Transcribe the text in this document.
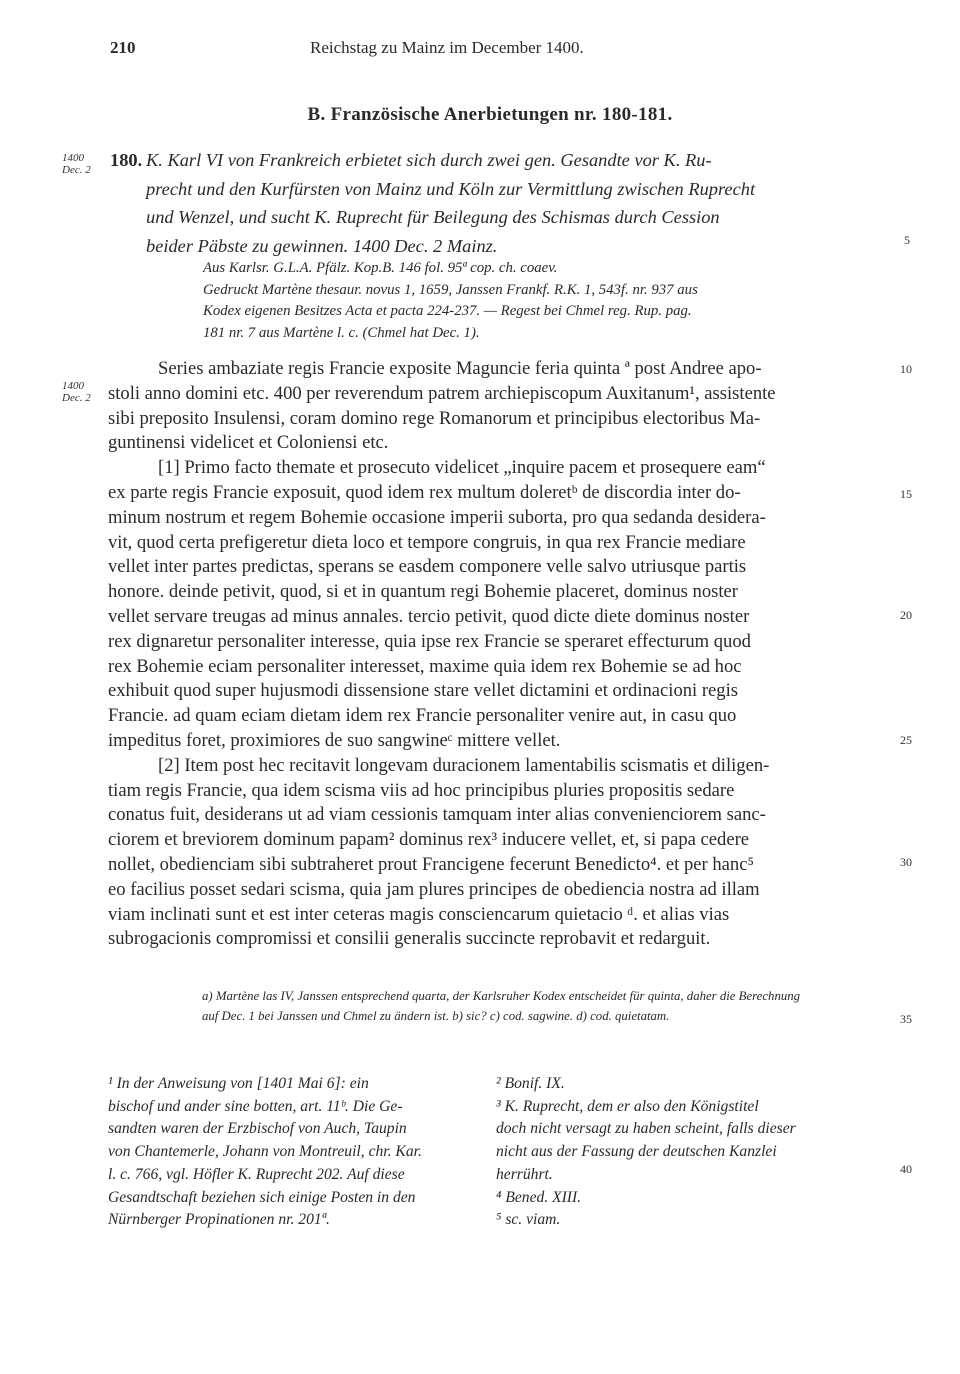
210	Reichstag zu Mainz im December 1400.
B. Französische Anerbietungen nr. 180-181.
1400
Dec. 2 180. K. Karl VI von Frankreich erbietet sich durch zwei gen. Gesandte vor K. Ru-
precht und den Kurfürsten von Mainz und Köln zur Vermittlung zwischen Ruprecht
und Wenzel, und sucht K. Ruprecht für Beilegung des Schismas durch Cession
beider Päbste zu gewinnen. 1400 Dec. 2 Mainz.
Aus Karlsr. G.L.A. Pfälz. Kop.B. 146 fol. 95ª cop. ch. coaev.
Gedruckt Martène thesaur. novus 1, 1659, Janssen Frankf. R.K. 1, 543f. nr. 937 aus
Kodex eigenen Besitzes Acta et pacta 224-237. — Regest bei Chmel reg. Rup. pag.
181 nr. 7 aus Martène l. c. (Chmel hat Dec. 1).
1400
Dec. 2
Series ambaziate regis Francie exposite Maguncie feria quinta ª post Andree apo-
stoli anno domini etc. 400 per reverendum patrem archiepiscopum Auxitanum¹, assistente
sibi preposito Insulensi, coram domino rege Romanorum et principibus electoribus Ma-
guntinensi videlicet et Coloniensi etc.
[1] Primo facto themate et prosecuto videlicet „inquire pacem et prosequere eam“
ex parte regis Francie exposuit, quod idem rex multum doleretᵇ de discordia inter do-
minum nostrum et regem Bohemie occasione imperii suborta, pro qua sedanda desidera-
vit, quod certa prefigeretur dieta loco et tempore congruis, in qua rex Francie mediare
vellet inter partes predictas, sperans se easdem componere velle salvo utriusque partis
honore. deinde petivit, quod, si et in quantum regi Bohemie placeret, dominus noster
vellet servare treugas ad minus annales. tercio petivit, quod dicte diete dominus noster
rex dignaretur personaliter interesse, quia ipse rex Francie se speraret effecturum quod
rex Bohemie eciam personaliter interesset, maxime quia idem rex Bohemie se ad hoc
exhibuit quod super hujusmodi dissensione stare vellet dictamini et ordinacioni regis
Francie. ad quam eciam dietam idem rex Francie personaliter venire aut, in casu quo
impeditus foret, proximiores de suo sangwineᶜ mittere vellet.
[2] Item post hec recitavit longevam duracionem lamentabilis scismatis et diligen-
tiam regis Francie, qua idem scisma viis ad hoc principibus pluries propositis sedare
conatus fuit, desiderans ut ad viam cessionis tamquam inter alias convenienciorem sanc-
ciorem et breviorem dominum papam² dominus rex³ inducere vellet, et, si papa cedere
nollet, obedienciam sibi subtraheret prout Francigene fecerunt Benedicto⁴. et per hanc⁵
eo facilius posset sedari scisma, quia jam plures principes de obediencia nostra ad illam
viam inclinati sunt et est inter ceteras magis consciencarum quietacio ᵈ. et alias vias
subrogacionis compromissi et consilii generalis succincte reprobavit et redarguit.
5
10
15
20
25
30
35
40
a) Martène las IV, Janssen entsprechend quarta, der Karlsruher Kodex entscheidet für quinta, daher die Berechnung
auf Dec. 1 bei Janssen und Chmel zu ändern ist. b) sic? c) cod. sagwine. d) cod. quietatam.
¹ In der Anweisung von [1401 Mai 6]: ein
bischof und ander sine botten, art. 11ᵇ. Die Ge-
sandten waren der Erzbischof von Auch, Taupin
von Chantemerle, Johann von Montreuil, chr. Kar.
l. c. 766, vgl. Höfler K. Ruprecht 202. Auf diese
Gesandtschaft beziehen sich einige Posten in den
Nürnberger Propinationen nr. 201ª.
² Bonif. IX.
³ K. Ruprecht, dem er also den Königstitel
doch nicht versagt zu haben scheint, falls dieser
nicht aus der Fassung der deutschen Kanzlei
herrührt.
⁴ Bened. XIII.
⁵ sc. viam.
